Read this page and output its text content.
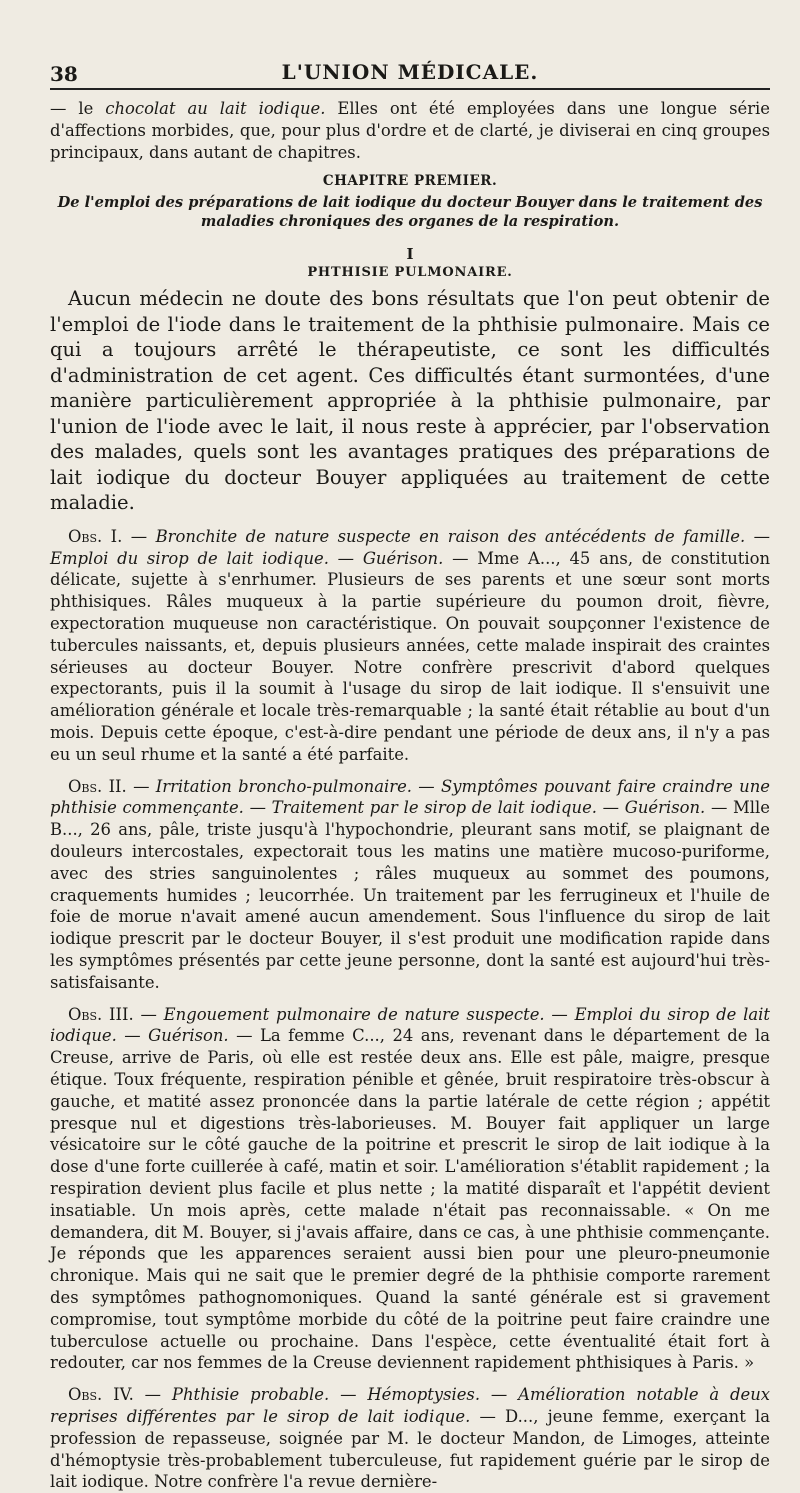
38	L'UNION MÉDICALE.

— le chocolat au lait iodique. Elles ont été employées dans une longue série d'affections morbides, que, pour plus d'ordre et de clarté, je diviserai en cinq groupes principaux, dans autant de chapitres.

CHAPITRE PREMIER.
De l'emploi des préparations de lait iodique du docteur Bouyer dans le traitement des maladies chroniques des organes de la respiration.
I
PHTHISIE PULMONAIRE.

Aucun médecin ne doute des bons résultats que l'on peut obtenir de l'emploi de l'iode dans le traitement de la phthisie pulmonaire. Mais ce qui a toujours arrêté le thérapeutiste, ce sont les difficultés d'administration de cet agent. Ces difficultés étant surmontées, d'une manière particulièrement appropriée à la phthisie pulmonaire, par l'union de l'iode avec le lait, il nous reste à apprécier, par l'observation des malades, quels sont les avantages pratiques des préparations de lait iodique du docteur Bouyer appliquées au traitement de cette maladie.

Obs. I. — Bronchite de nature suspecte en raison des antécédents de famille. — Emploi du sirop de lait iodique. — Guérison. — Mme A..., 45 ans, de constitution délicate, sujette à s'enrhumer. Plusieurs de ses parents et une sœur sont morts phthisiques. Râles muqueux à la partie supérieure du poumon droit, fièvre, expectoration muqueuse non caractéristique. On pouvait soupçonner l'existence de tubercules naissants, et, depuis plusieurs années, cette malade inspirait des craintes sérieuses au docteur Bouyer. Notre confrère prescrivit d'abord quelques expectorants, puis il la soumit à l'usage du sirop de lait iodique. Il s'ensuivit une amélioration générale et locale très-remarquable ; la santé était rétablie au bout d'un mois. Depuis cette époque, c'est-à-dire pendant une période de deux ans, il n'y a pas eu un seul rhume et la santé a été parfaite.

Obs. II. — Irritation broncho-pulmonaire. — Symptômes pouvant faire craindre une phthisie commençante. — Traitement par le sirop de lait iodique. — Guérison. — Mlle B..., 26 ans, pâle, triste jusqu'à l'hypochondrie, pleurant sans motif, se plaignant de douleurs intercostales, expectorait tous les matins une matière mucoso-puriforme, avec des stries sanguinolentes ; râles muqueux au sommet des poumons, craquements humides ; leucorrhée. Un traitement par les ferrugineux et l'huile de foie de morue n'avait amené aucun amendement. Sous l'influence du sirop de lait iodique prescrit par le docteur Bouyer, il s'est produit une modification rapide dans les symptômes présentés par cette jeune personne, dont la santé est aujourd'hui très-satisfaisante.

Obs. III. — Engouement pulmonaire de nature suspecte. — Emploi du sirop de lait iodique. — Guérison. — La femme C..., 24 ans, revenant dans le département de la Creuse, arrive de Paris, où elle est restée deux ans. Elle est pâle, maigre, presque étique. Toux fréquente, respiration pénible et gênée, bruit respiratoire très-obscur à gauche, et matité assez prononcée dans la partie latérale de cette région ; appétit presque nul et digestions très-laborieuses. M. Bouyer fait appliquer un large vésicatoire sur le côté gauche de la poitrine et prescrit le sirop de lait iodique à la dose d'une forte cuillerée à café, matin et soir. L'amélioration s'établit rapidement ; la respiration devient plus facile et plus nette ; la matité disparaît et l'appétit devient insatiable. Un mois après, cette malade n'était pas reconnaissable. « On me demandera, dit M. Bouyer, si j'avais affaire, dans ce cas, à une phthisie commençante. Je réponds que les apparences seraient aussi bien pour une pleuro-pneumonie chronique. Mais qui ne sait que le premier degré de la phthisie comporte rarement des symptômes pathognomoniques. Quand la santé générale est si gravement compromise, tout symptôme morbide du côté de la poitrine peut faire craindre une tuberculose actuelle ou prochaine. Dans l'espèce, cette éventualité était fort à redouter, car nos femmes de la Creuse deviennent rapidement phthisiques à Paris. »

Obs. IV. — Phthisie probable. — Hémoptysies. — Amélioration notable à deux reprises différentes par le sirop de lait iodique. — D..., jeune femme, exerçant la profession de repasseuse, soignée par M. le docteur Mandon, de Limoges, atteinte d'hémoptysie très-probablement tuberculeuse, fut rapidement guérie par le sirop de lait iodique. Notre confrère l'a revue dernière-
